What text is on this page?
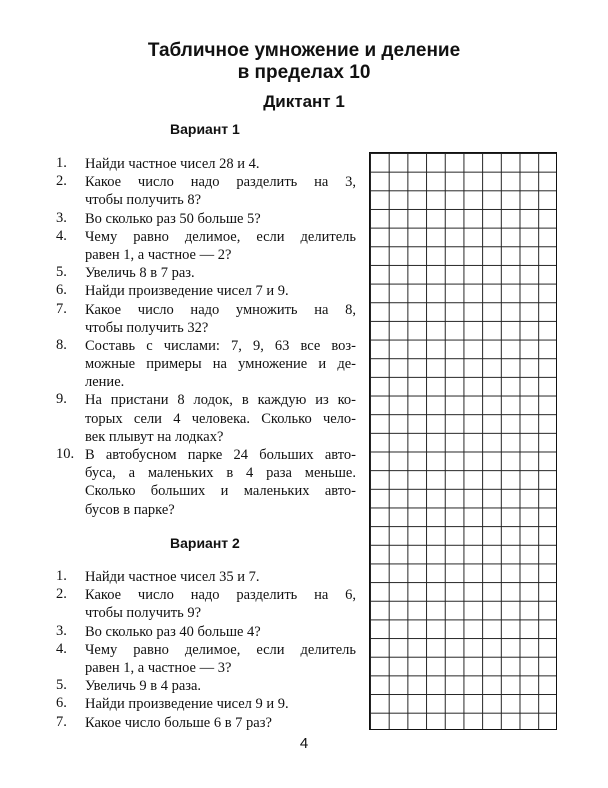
Табличное умножение и деление
в пределах 10
Диктант 1
Вариант 1
1. Найди частное чисел 28 и 4.
2. Какое число надо разделить на 3,
чтобы получить 8?
3. Во сколько раз 50 больше 5?
4. Чему равно делимое, если делитель
равен 1, а частное — 2?
5. Увеличь 8 в 7 раз.
6. Найди произведение чисел 7 и 9.
7. Какое число надо умножить на 8,
чтобы получить 32?
8. Составь с числами: 7, 9, 63 все воз-
можные примеры на умножение и де-
ление.
9. На пристани 8 лодок, в каждую из ко-
торых сели 4 человека. Сколько чело-
век плывут на лодках?
10. В автобусном парке 24 больших авто-
буса, а маленьких в 4 раза меньше.
Сколько больших и маленьких авто-
бусов в парке?
Вариант 2
1. Найди частное чисел 35 и 7.
2. Какое число надо разделить на 6,
чтобы получить 9?
3. Во сколько раз 40 больше 4?
4. Чему равно делимое, если делитель
равен 1, а частное — 3?
5. Увеличь 9 в 4 раза.
6. Найди произведение чисел 9 и 9.
7. Какое число больше 6 в 7 раз?
4
